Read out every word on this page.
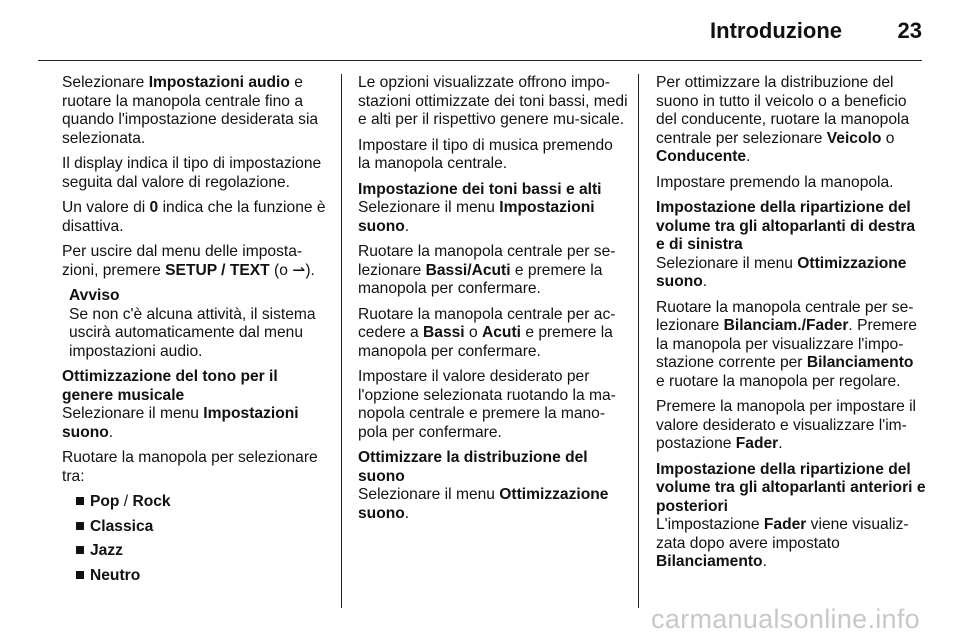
Introduzione	23

Selezionare Impostazioni audio e ruotare la manopola centrale fino a quando l'impostazione desiderata sia selezionata.

Il display indica il tipo di impostazione seguita dal valore di regolazione.

Un valore di 0 indica che la funzione è disattiva.

Per uscire dal menu delle imposta-zioni, premere SETUP / TEXT (o ⇀).

Avviso
Se non c'è alcuna attività, il sistema uscirà automaticamente dal menu impostazioni audio.

Ottimizzazione del tono per il genere musicale

Selezionare il menu Impostazioni suono.

Ruotare la manopola per selezionare tra:

Pop / Rock
Classica
Jazz
Neutro

Le opzioni visualizzate offrono impo-stazioni ottimizzate dei toni bassi, medi e alti per il rispettivo genere mu-sicale.

Impostare il tipo di musica premendo la manopola centrale.

Impostazione dei toni bassi e alti

Selezionare il menu Impostazioni suono.

Ruotare la manopola centrale per se-lezionare Bassi/Acuti e premere la manopola per confermare.

Ruotare la manopola centrale per ac-cedere a Bassi o Acuti e premere la manopola per confermare.

Impostare il valore desiderato per l'opzione selezionata ruotando la ma-nopola centrale e premere la mano-pola per confermare.

Ottimizzare la distribuzione del suono

Selezionare il menu Ottimizzazione suono.

Per ottimizzare la distribuzione del suono in tutto il veicolo o a beneficio del conducente, ruotare la manopola centrale per selezionare Veicolo o Conducente.

Impostare premendo la manopola.

Impostazione della ripartizione del volume tra gli altoparlanti di destra e di sinistra

Selezionare il menu Ottimizzazione suono.

Ruotare la manopola centrale per se-lezionare Bilanciam./Fader. Premere la manopola per visualizzare l'impo-stazione corrente per Bilanciamento e ruotare la manopola per regolare.

Premere la manopola per impostare il valore desiderato e visualizzare l'im-postazione Fader.

Impostazione della ripartizione del volume tra gli altoparlanti anteriori e posteriori

L'impostazione Fader viene visualiz-zata dopo avere impostato Bilanciamento.

carmanualsonline.info
